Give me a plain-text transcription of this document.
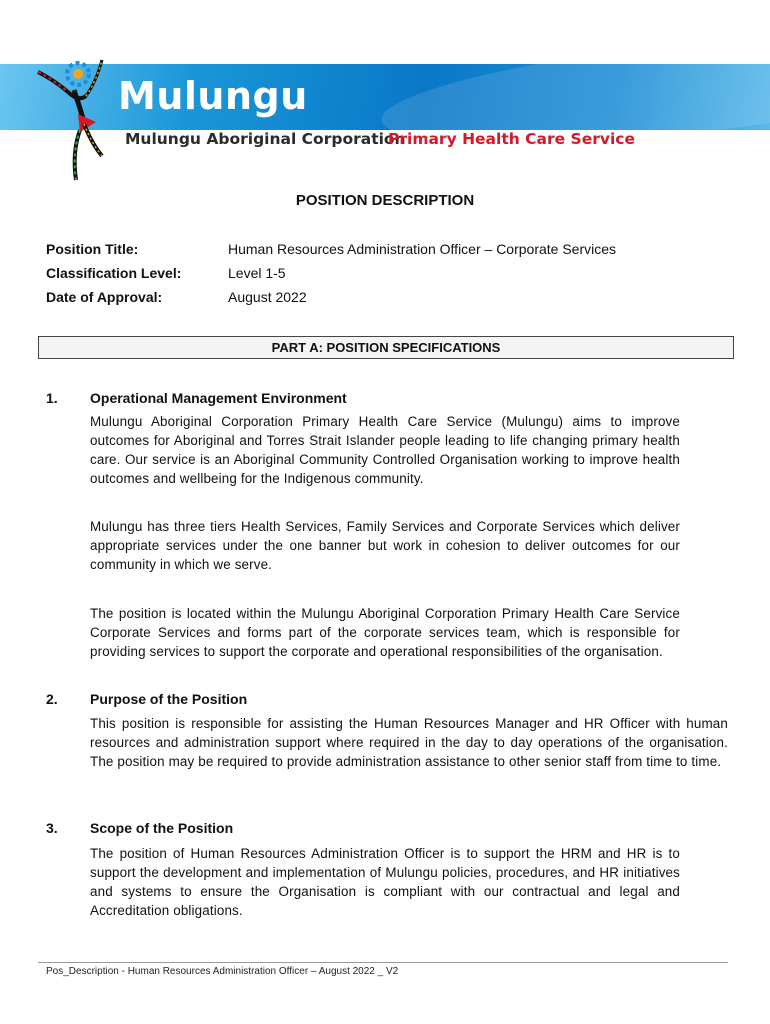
Mulungu
Mulungu Aboriginal Corporation
Primary Health Care Service
POSITION DESCRIPTION
Position Title:	Human Resources Administration Officer – Corporate Services
Classification Level:	Level 1-5
Date of Approval:	August 2022
PART A: POSITION SPECIFICATIONS
1. Operational Management Environment

Mulungu Aboriginal Corporation Primary Health Care Service (Mulungu) aims to improve outcomes for Aboriginal and Torres Strait Islander people leading to life changing primary health care. Our service is an Aboriginal Community Controlled Organisation working to improve health outcomes and wellbeing for the Indigenous community.

Mulungu has three tiers Health Services, Family Services and Corporate Services which deliver appropriate services under the one banner but work in cohesion to deliver outcomes for our community in which we serve.

The position is located within the Mulungu Aboriginal Corporation Primary Health Care Service Corporate Services and forms part of the corporate services team, which is responsible for providing services to support the corporate and operational responsibilities of the organisation.

2. Purpose of the Position

This position is responsible for assisting the Human Resources Manager and HR Officer with human resources and administration support where required in the day to day operations of the organisation. The position may be required to provide administration assistance to other senior staff from time to time.

3. Scope of the Position

The position of Human Resources Administration Officer is to support the HRM and HR is to support the development and implementation of Mulungu policies, procedures, and HR initiatives and systems to ensure the Organisation is compliant with our contractual and legal and Accreditation obligations.

Pos_Description - Human Resources Administration Officer – August 2022 _ V2
